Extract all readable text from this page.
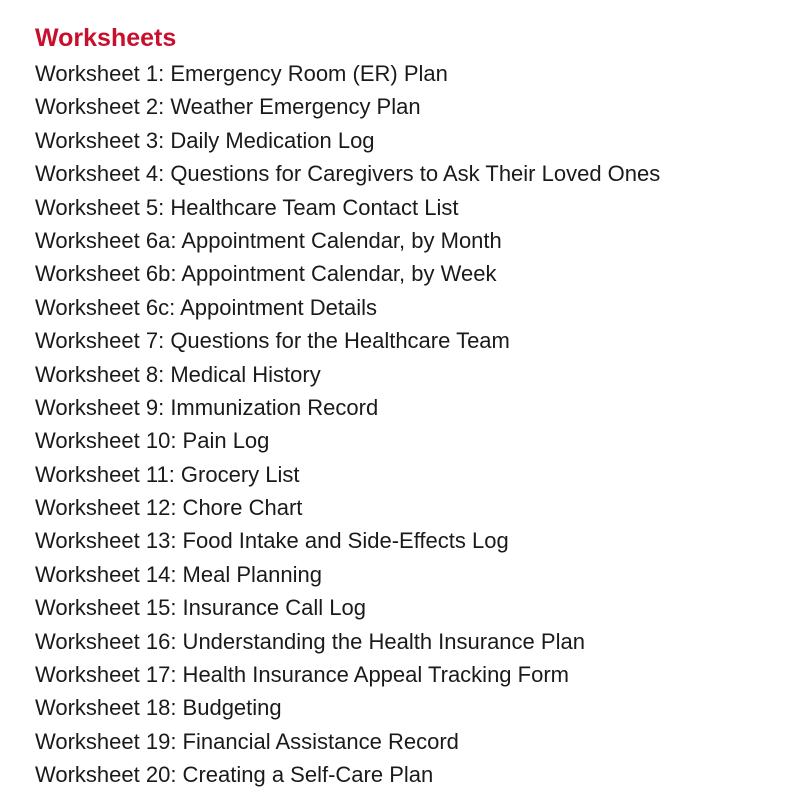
Worksheets
Worksheet 1: Emergency Room (ER) Plan
Worksheet 2: Weather Emergency Plan
Worksheet 3: Daily Medication Log
Worksheet 4: Questions for Caregivers to Ask Their Loved Ones
Worksheet 5: Healthcare Team Contact List
Worksheet 6a: Appointment Calendar, by Month
Worksheet 6b: Appointment Calendar, by Week
Worksheet 6c: Appointment Details
Worksheet 7: Questions for the Healthcare Team
Worksheet 8: Medical History
Worksheet 9: Immunization Record
Worksheet 10: Pain Log
Worksheet 11: Grocery List
Worksheet 12: Chore Chart
Worksheet 13: Food Intake and Side-Effects Log
Worksheet 14: Meal Planning
Worksheet 15: Insurance Call Log
Worksheet 16: Understanding the Health Insurance Plan
Worksheet 17: Health Insurance Appeal Tracking Form
Worksheet 18: Budgeting
Worksheet 19: Financial Assistance Record
Worksheet 20: Creating a Self-Care Plan
